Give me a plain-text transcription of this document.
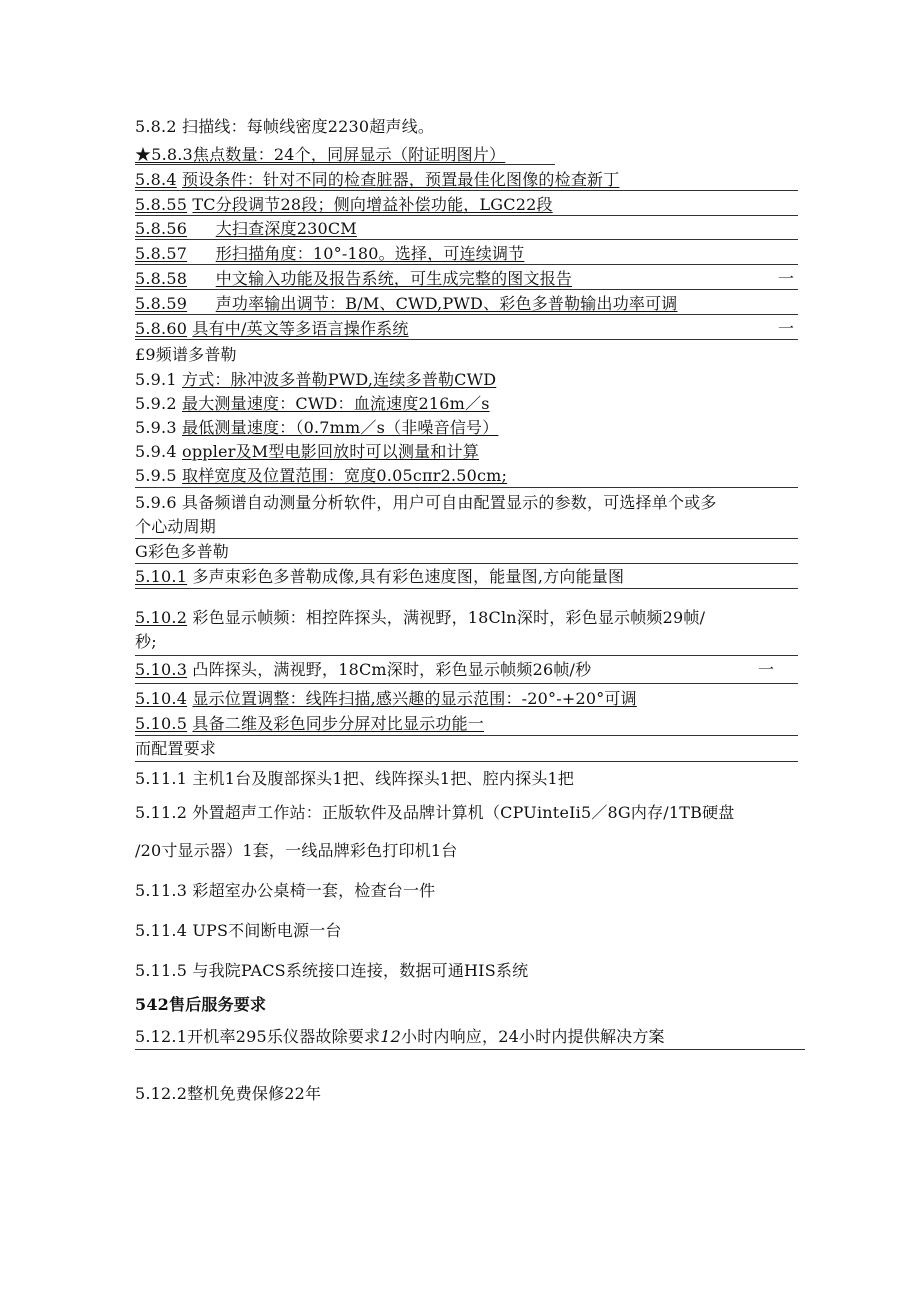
5.8.2 扫描线：每帧线密度2230超声线。
★5.8.3焦点数量：24个，同屏显示（附证明图片）
5.8.4 预设条件：针对不同的检查脏器，预置最佳化图像的检查新丁
5.8.55 TC分段调节28段；侧向增益补偿功能，LGC22段
5.8.56 大扫查深度230CM
5.8.57 形扫描角度：10°-180。选择，可连续调节
5.8.58 中文输入功能及报告系统，可生成完整的图文报告	一
5.8.59 声功率输出调节：B/M、CWD,PWD、彩色多普勒输出功率可调
5.8.60 具有中/英文等多语言操作系统	一
£9频谱多普勒
5.9.1 方式：脉冲波多普勒PWD,连续多普勒CWD
5.9.2 最大测量速度：CWD：血流速度216m／s
5.9.3 最低测量速度：（0.7mm／s（非噪音信号）
5.9.4 oppler及M型电影回放时可以测量和计算
5.9.5 取样宽度及位置范围：宽度0.05cπr2.50cm;
5.9.6 具备频谱自动测量分析软件，用户可自由配置显示的参数，可选择单个或多
个心动周期
G彩色多普勒
5.10.1 多声束彩色多普勒成像,具有彩色速度图，能量图,方向能量图
5.10.2 彩色显示帧频：相控阵探头，满视野，18Cln深时，彩色显示帧频29帧/
秒;
5.10.3 凸阵探头，满视野，18Cm深时，彩色显示帧频26帧/秒	一
5.10.4 显示位置调整：线阵扫描,感兴趣的显示范围：-20°-+20°可调
5.10.5 具备二维及彩色同步分屏对比显示功能一
而配置要求
5.11.1 主机1台及腹部探头1把、线阵探头1把、腔内探头1把
5.11.2 外置超声工作站：正版软件及品牌计算机（CPUinteIi5／8G内存/1TB硬盘
/20寸显示器）1套，一线品牌彩色打印机1台
5.11.3 彩超室办公桌椅一套，检查台一件
5.11.4 UPS不间断电源一台
5.11.5 与我院PACS系统接口连接，数据可通HIS系统
542售后服务要求
5.12.1开机率295乐仪器故除要求12小时内响应，24小时内提供解决方案
5.12.2整机免费保修22年
